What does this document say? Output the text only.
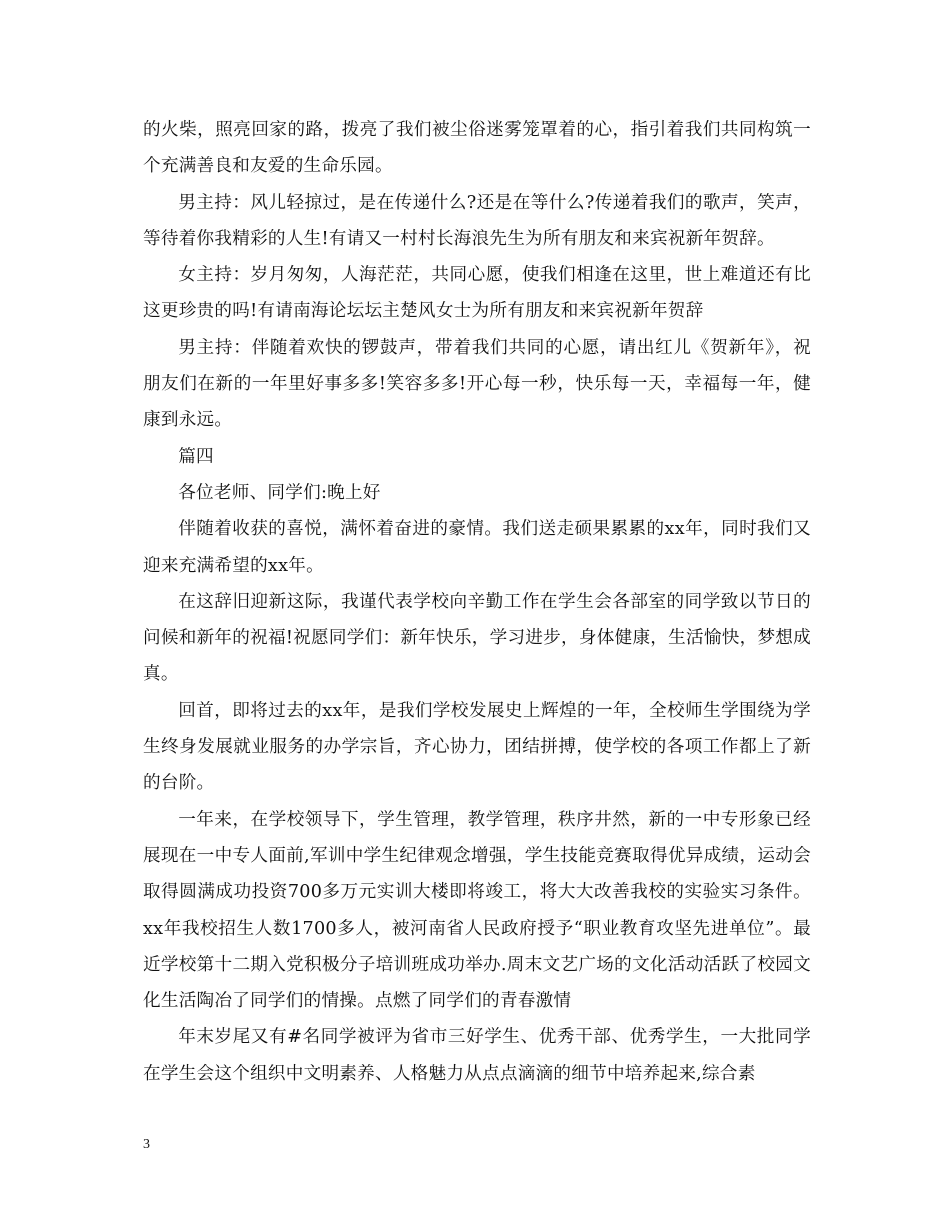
的火柴，照亮回家的路，拨亮了我们被尘俗迷雾笼罩着的心，指引着我们共同构筑一个充满善良和友爱的生命乐园。

男主持：风儿轻掠过，是在传递什么?还是在等什么?传递着我们的歌声，笑声，等待着你我精彩的人生!有请又一村村长海浪先生为所有朋友和来宾祝新年贺辞。

女主持：岁月匆匆，人海茫茫，共同心愿，使我们相逢在这里，世上难道还有比这更珍贵的吗!有请南海论坛坛主楚风女士为所有朋友和来宾祝新年贺辞

男主持：伴随着欢快的锣鼓声，带着我们共同的心愿，请出红儿《贺新年》，祝朋友们在新的一年里好事多多!笑容多多!开心每一秒，快乐每一天，幸福每一年，健康到永远。

篇四

各位老师、同学们:晚上好

伴随着收获的喜悦，满怀着奋进的豪情。我们送走硕果累累的xx年，同时我们又迎来充满希望的xx年。

在这辞旧迎新这际，我谨代表学校向辛勤工作在学生会各部室的同学致以节日的问候和新年的祝福!祝愿同学们：新年快乐，学习进步，身体健康，生活愉快，梦想成真。

回首，即将过去的xx年，是我们学校发展史上辉煌的一年，全校师生学围绕为学生终身发展就业服务的办学宗旨，齐心协力，团结拼搏，使学校的各项工作都上了新的台阶。

一年来，在学校领导下，学生管理，教学管理，秩序井然，新的一中专形象已经展现在一中专人面前,军训中学生纪律观念增强，学生技能竞赛取得优异成绩，运动会取得圆满成功投资700多万元实训大楼即将竣工，将大大改善我校的实验实习条件。xx年我校招生人数1700多人，被河南省人民政府授予“职业教育攻坚先进单位”。最近学校第十二期入党积极分子培训班成功举办.周末文艺广场的文化活动活跃了校园文化生活陶冶了同学们的情操。点燃了同学们的青春激情

年末岁尾又有#名同学被评为省市三好学生、优秀干部、优秀学生，一大批同学在学生会这个组织中文明素养、人格魅力从点点滴滴的细节中培养起来,综合素

3
